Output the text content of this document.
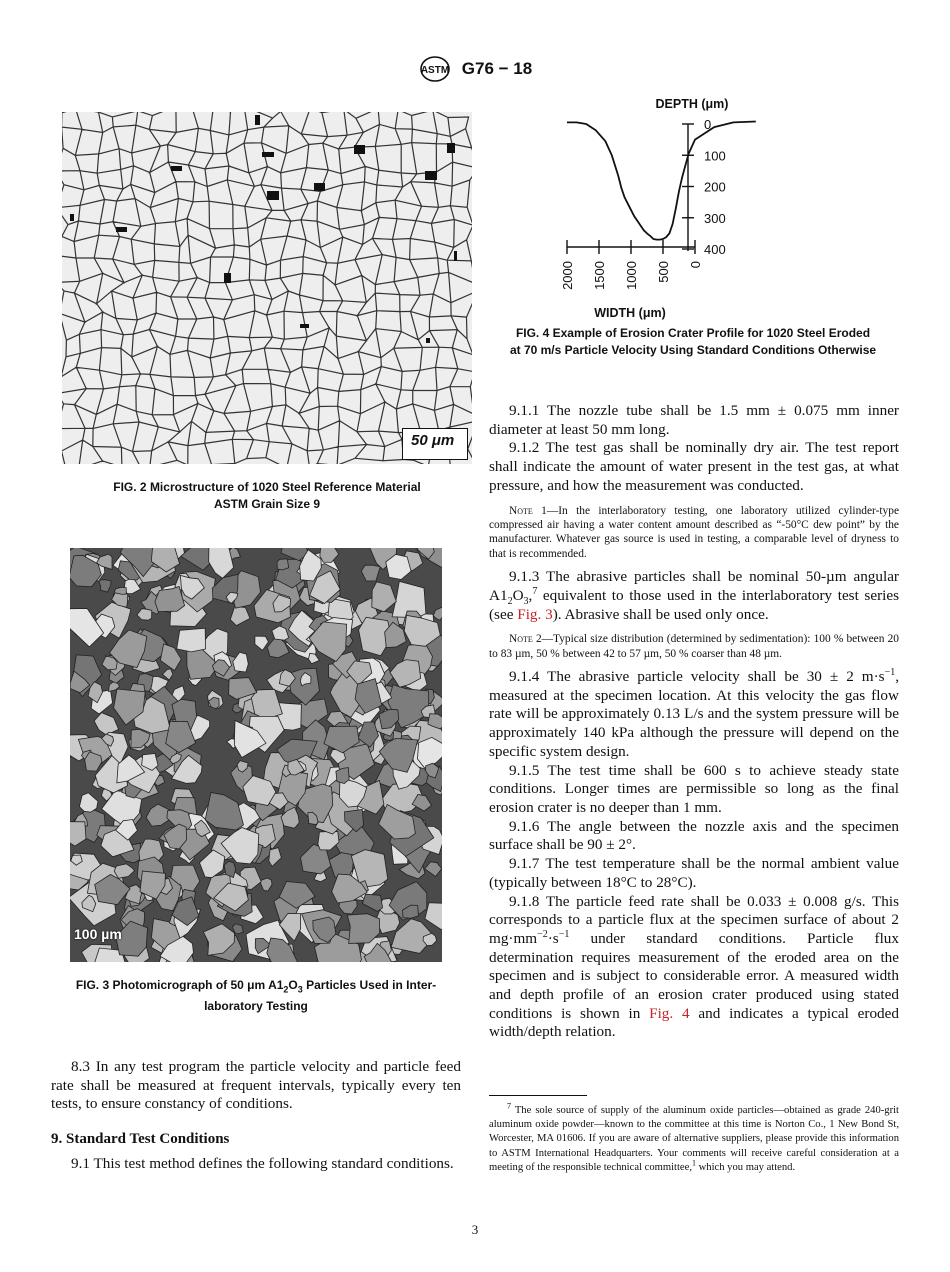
ASTM G76 − 18
50 μm
FIG. 2 Microstructure of 1020 Steel Reference Material
ASTM Grain Size 9
100 µm
FIG. 3 Photomicrograph of 50 μm $A1_2O_3$ Particles Used in Inter-
laboratory Testing
0
100
200
300
400
DEPTH (μm)
2000 1500 1000 500 0
WIDTH (μm)
FIG. 4 Example of Erosion Crater Profile for 1020 Steel Eroded
at 70 m/s Particle Velocity Using Standard Conditions Otherwise

8.3 In any test program the particle velocity and particle feed rate shall be measured at frequent intervals, typically every ten tests, to ensure constancy of conditions.

9. Standard Test Conditions

9.1 This test method defines the following standard conditions.

9.1.1 The nozzle tube shall be 1.5 mm ± 0.075 mm inner diameter at least 50 mm long.

9.1.2 The test gas shall be nominally dry air. The test report shall indicate the amount of water present in the test gas, at what pressure, and how the measurement was conducted.

Note 1—In the interlaboratory testing, one laboratory utilized cylinder-type compressed air having a water content amount described as “-50°C dew point” by the manufacturer. Whatever gas source is used in testing, a comparable level of dryness to that is recommended.

9.1.3 The abrasive particles shall be nominal 50-µm angular $A1_2O_3,^7$ equivalent to those used in the interlaboratory test series (see Fig. 3). Abrasive shall be used only once.

Note 2—Typical size distribution (determined by sedimentation): 100 % between 20 to 83 µm, 50 % between 42 to 57 µm, 50 % coarser than 48 µm.

9.1.4 The abrasive particle velocity shall be 30 ± 2 $m\cdot s^{-1}$, measured at the specimen location. At this velocity the gas flow rate will be approximately 0.13 L/s and the system pressure will be approximately 140 kPa although the pressure will depend on the specific system design.

9.1.5 The test time shall be 600 s to achieve steady state conditions. Longer times are permissible so long as the final erosion crater is no deeper than 1 mm.

9.1.6 The angle between the nozzle axis and the specimen surface shall be 90 ± 2°.

9.1.7 The test temperature shall be the normal ambient value (typically between 18°C to 28°C).

9.1.8 The particle feed rate shall be 0.033 ± 0.008 g/s. This corresponds to a particle flux at the specimen surface of about 2 $mg\cdot mm^{-2}\cdot s^{-1}$ under standard conditions. Particle flux determination requires measurement of the eroded area on the specimen and is subject to considerable error. A measured width and depth profile of an erosion crater produced using stated conditions is shown in Fig. 4 and indicates a typical eroded width/depth relation.

$^7$ The sole source of supply of the aluminum oxide particles—obtained as grade 240-grit aluminum oxide powder—known to the committee at this time is Norton Co., 1 New Bond St, Worcester, MA 01606. If you are aware of alternative suppliers, please provide this information to ASTM International Headquarters. Your comments will receive careful consideration at a meeting of the responsible technical committee,$^1$ which you may attend.

3
